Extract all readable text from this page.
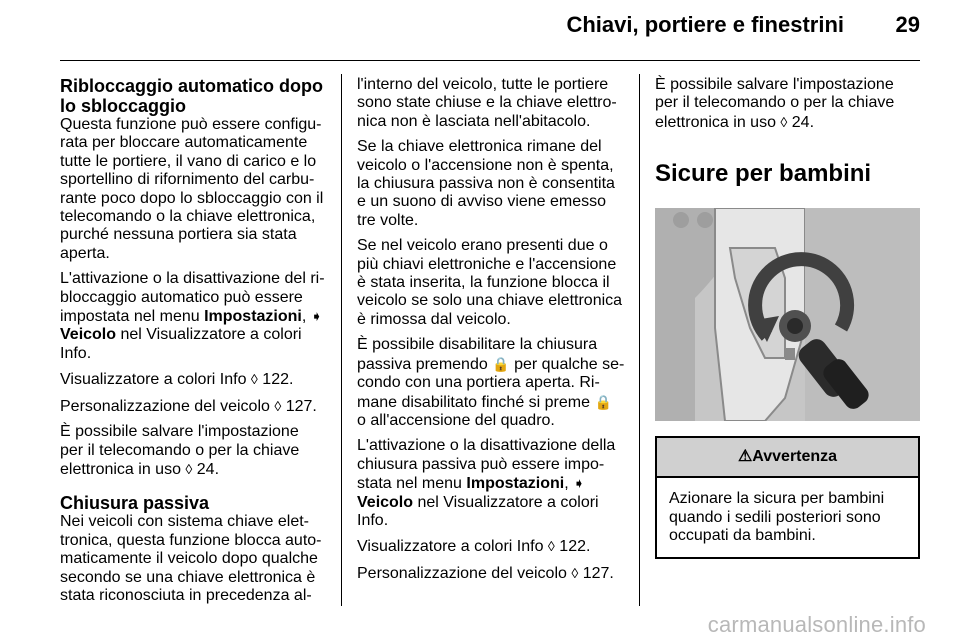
Chiavi, portiere e finestrini	29
Ribloccaggio automatico dopo lo sbloccaggio

Questa funzione può essere configurata per bloccare automaticamente tutte le portiere, il vano di carico e lo sportellino di rifornimento del carburante poco dopo lo sbloccaggio con il telecomando o la chiave elettronica, purché nessuna portiera sia stata aperta.

L'attivazione o la disattivazione del ribloccaggio automatico può essere impostata nel menu Impostazioni, ➧ Veicolo nel Visualizzatore a colori Info.

Visualizzatore a colori Info ◊ 122.

Personalizzazione del veicolo ◊ 127.

È possibile salvare l'impostazione per il telecomando o per la chiave elettronica in uso ◊ 24.

Chiusura passiva

Nei veicoli con sistema chiave elettronica, questa funzione blocca automaticamente il veicolo dopo qualche secondo se una chiave elettronica è stata riconosciuta in precedenza al-

l'interno del veicolo, tutte le portiere sono state chiuse e la chiave elettronica non è lasciata nell'abitacolo.

Se la chiave elettronica rimane del veicolo o l'accensione non è spenta, la chiusura passiva non è consentita e un suono di avviso viene emesso tre volte.

Se nel veicolo erano presenti due o più chiavi elettroniche e l'accensione è stata inserita, la funzione blocca il veicolo se solo una chiave elettronica è rimossa dal veicolo.

È possibile disabilitare la chiusura passiva premendo 🔒 per qualche secondo con una portiera aperta. Rimane disabilitato finché si preme 🔒 o all'accensione del quadro.

L'attivazione o la disattivazione della chiusura passiva può essere impostata nel menu Impostazioni, ➧ Veicolo nel Visualizzatore a colori Info.

Visualizzatore a colori Info ◊ 122.

Personalizzazione del veicolo ◊ 127.

È possibile salvare l'impostazione per il telecomando o per la chiave elettronica in uso ◊ 24.

Sicure per bambini
⚠Avvertenza
Azionare la sicura per bambini quando i sedili posteriori sono occupati da bambini.
carmanualsonline.info
